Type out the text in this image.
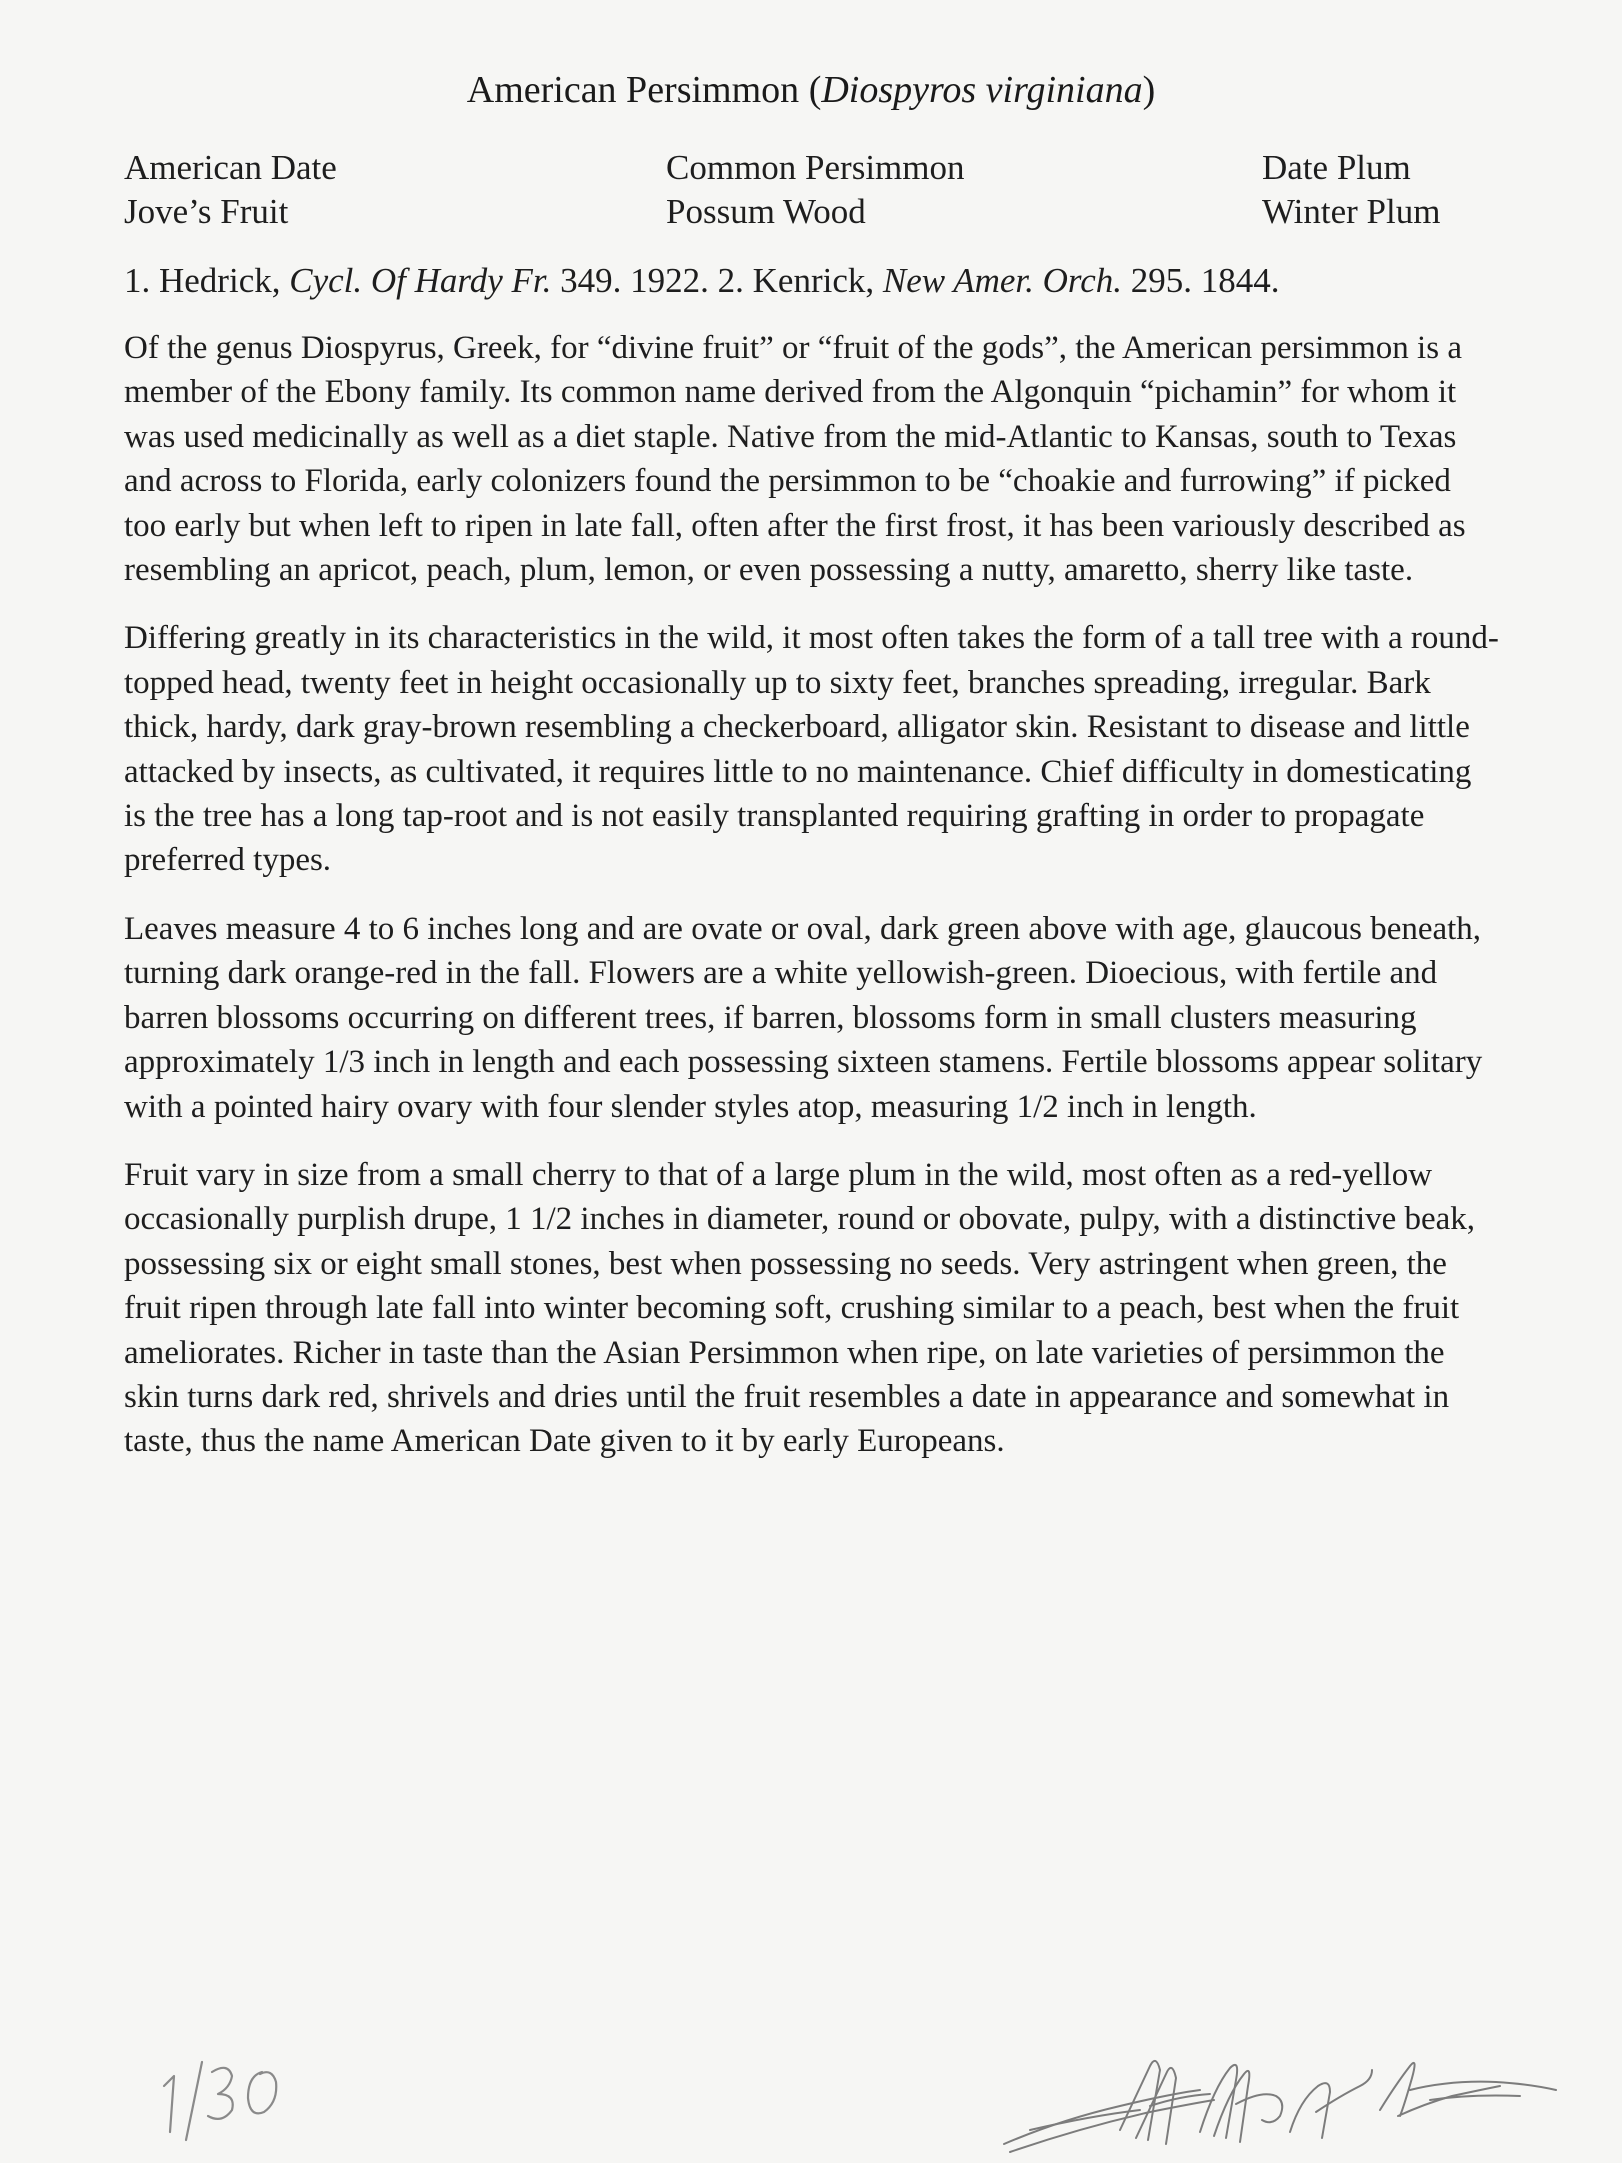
American Persimmon (Diospyros virginiana)
American Date
Jove’s Fruit
Common Persimmon
Possum Wood
Date Plum
Winter Plum
1. Hedrick, Cycl. Of Hardy Fr. 349. 1922. 2. Kenrick, New Amer. Orch. 295. 1844.

Of the genus Diospyrus, Greek, for “divine fruit” or “fruit of the gods”, the American persimmon is a member of the Ebony family. Its common name derived from the Algonquin “pichamin” for whom it was used medicinally as well as a diet staple. Native from the mid-Atlantic to Kansas, south to Texas and across to Florida, early colonizers found the persimmon to be “choakie and furrowing” if picked too early but when left to ripen in late fall, often after the first frost, it has been variously described as resembling an apricot, peach, plum, lemon, or even possessing a nutty, amaretto, sherry like taste.

Differing greatly in its characteristics in the wild, it most often takes the form of a tall tree with a round-topped head, twenty feet in height occasionally up to sixty feet, branches spreading, irregular. Bark thick, hardy, dark gray-brown resembling a checkerboard, alligator skin. Resistant to disease and little attacked by insects, as cultivated, it requires little to no maintenance. Chief difficulty in domesticating is the tree has a long tap-root and is not easily transplanted requiring grafting in order to propagate preferred types.

Leaves measure 4 to 6 inches long and are ovate or oval, dark green above with age, glaucous beneath, turning dark orange-red in the fall. Flowers are a white yellowish-green. Dioecious, with fertile and barren blossoms occurring on different trees, if barren, blossoms form in small clusters measuring approximately 1/3 inch in length and each possessing sixteen stamens. Fertile blossoms appear solitary with a pointed hairy ovary with four slender styles atop, measuring 1/2 inch in length.

Fruit vary in size from a small cherry to that of a large plum in the wild, most often as a red-yellow occasionally purplish drupe, 1 1/2 inches in diameter, round or obovate, pulpy, with a distinctive beak, possessing six or eight small stones, best when possessing no seeds. Very astringent when green, the fruit ripen through late fall into winter becoming soft, crushing similar to a peach, best when the fruit ameliorates. Richer in taste than the Asian Persimmon when ripe, on late varieties of persimmon the skin turns dark red, shrivels and dries until the fruit resembles a date in appearance and somewhat in taste, thus the name American Date given to it by early Europeans.

1/30
